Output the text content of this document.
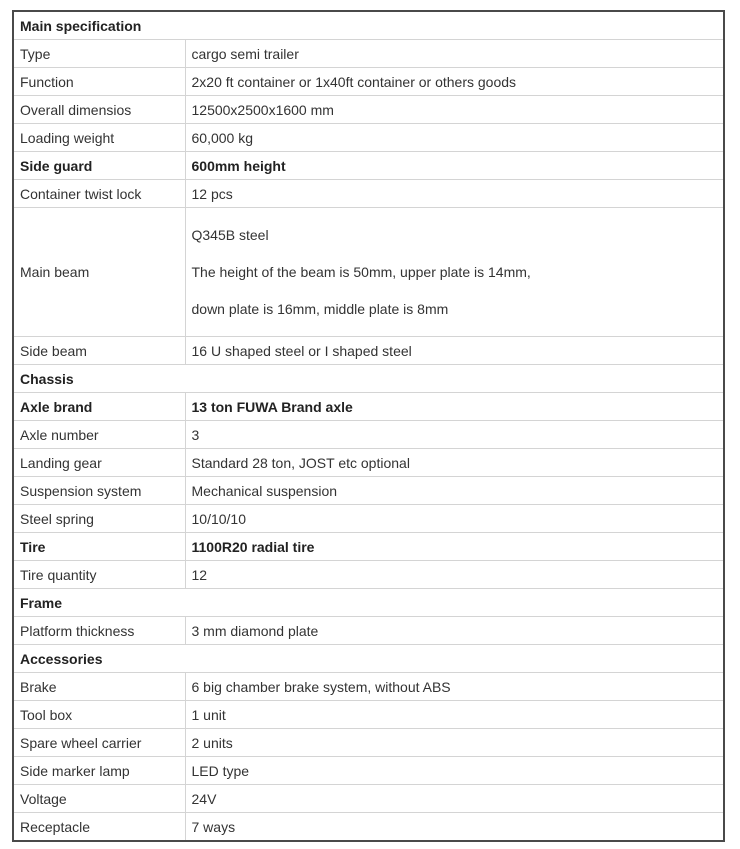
Main specification	
Type	cargo semi trailer
Function	2x20 ft container or 1x40ft container or others goods
Overall dimensios	12500x2500x1600 mm
Loading weight	60,000 kg
Side guard	600mm height
Container twist lock	12 pcs
Main beam	Q345B steel
The height of the beam is 50mm, upper plate is 14mm,
down plate is 16mm, middle plate is 8mm

Side beam	16 U shaped steel or I shaped steel
Chassis	
Axle brand	13 ton FUWA Brand axle
Axle number	3
Landing gear	Standard 28 ton, JOST etc optional
Suspension system	Mechanical suspension
Steel spring	10/10/10
Tire	1100R20 radial tire
Tire quantity	12
Frame	
Platform thickness	3 mm diamond plate
Accessories	
Brake	6 big chamber brake system, without ABS
Tool box	1 unit
Spare wheel carrier	2 units
Side marker lamp	LED type
Voltage	24V
Receptacle	7 ways
